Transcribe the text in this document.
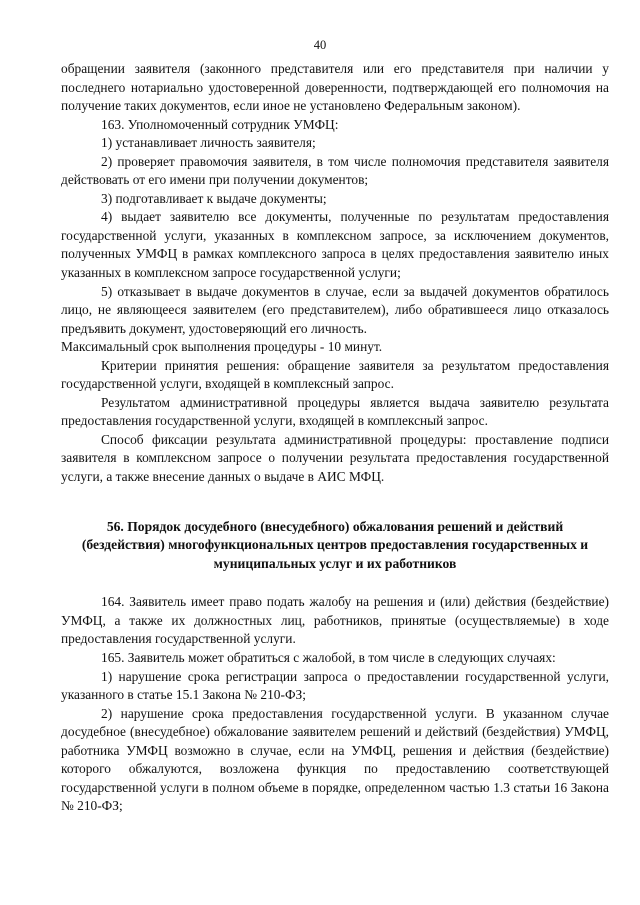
40

обращении заявителя (законного представителя или его представителя при наличии у последнего нотариально удостоверенной доверенности, подтверждающей его полномочия на получение таких документов, если иное не установлено Федеральным законом).

163. Уполномоченный сотрудник УМФЦ:

1) устанавливает личность заявителя;

2) проверяет правомочия заявителя, в том числе полномочия представителя заявителя действовать от его имени при получении документов;

3) подготавливает к выдаче документы;

4) выдает заявителю все документы, полученные по результатам предоставления государственной услуги, указанных в комплексном запросе, за исключением документов, полученных УМФЦ в рамках комплексного запроса в целях предоставления заявителю иных указанных в комплексном запросе государственной услуги;

5) отказывает в выдаче документов в случае, если за выдачей документов обратилось лицо, не являющееся заявителем (его представителем), либо обратившееся лицо отказалось предъявить документ, удостоверяющий его личность.

Максимальный срок выполнения процедуры - 10 минут.

Критерии принятия решения: обращение заявителя за результатом предоставления государственной услуги, входящей в комплексный запрос.

Результатом административной процедуры является выдача заявителю результата предоставления государственной услуги, входящей в комплексный запрос.

Способ фиксации результата административной процедуры: проставление подписи заявителя в комплексном запросе о получении результата предоставления государственной услуги, а также внесение данных о выдаче в АИС МФЦ.

56. Порядок досудебного (внесудебного) обжалования решений и действий (бездействия) многофункциональных центров предоставления государственных и муниципальных услуг и их работников

164. Заявитель имеет право подать жалобу на решения и (или) действия (бездействие) УМФЦ, а также их должностных лиц, работников, принятые (осуществляемые) в ходе предоставления государственной услуги.

165. Заявитель может обратиться с жалобой, в том числе в следующих случаях:

1) нарушение срока регистрации запроса о предоставлении государственной услуги, указанного в статье 15.1 Закона № 210-ФЗ;

2) нарушение срока предоставления государственной услуги. В указанном случае досудебное (внесудебное) обжалование заявителем решений и действий (бездействия) УМФЦ, работника УМФЦ возможно в случае, если на УМФЦ, решения и действия (бездействие) которого обжалуются, возложена функция по предоставлению соответствующей государственной услуги в полном объеме в порядке, определенном частью 1.3 статьи 16 Закона № 210-ФЗ;
